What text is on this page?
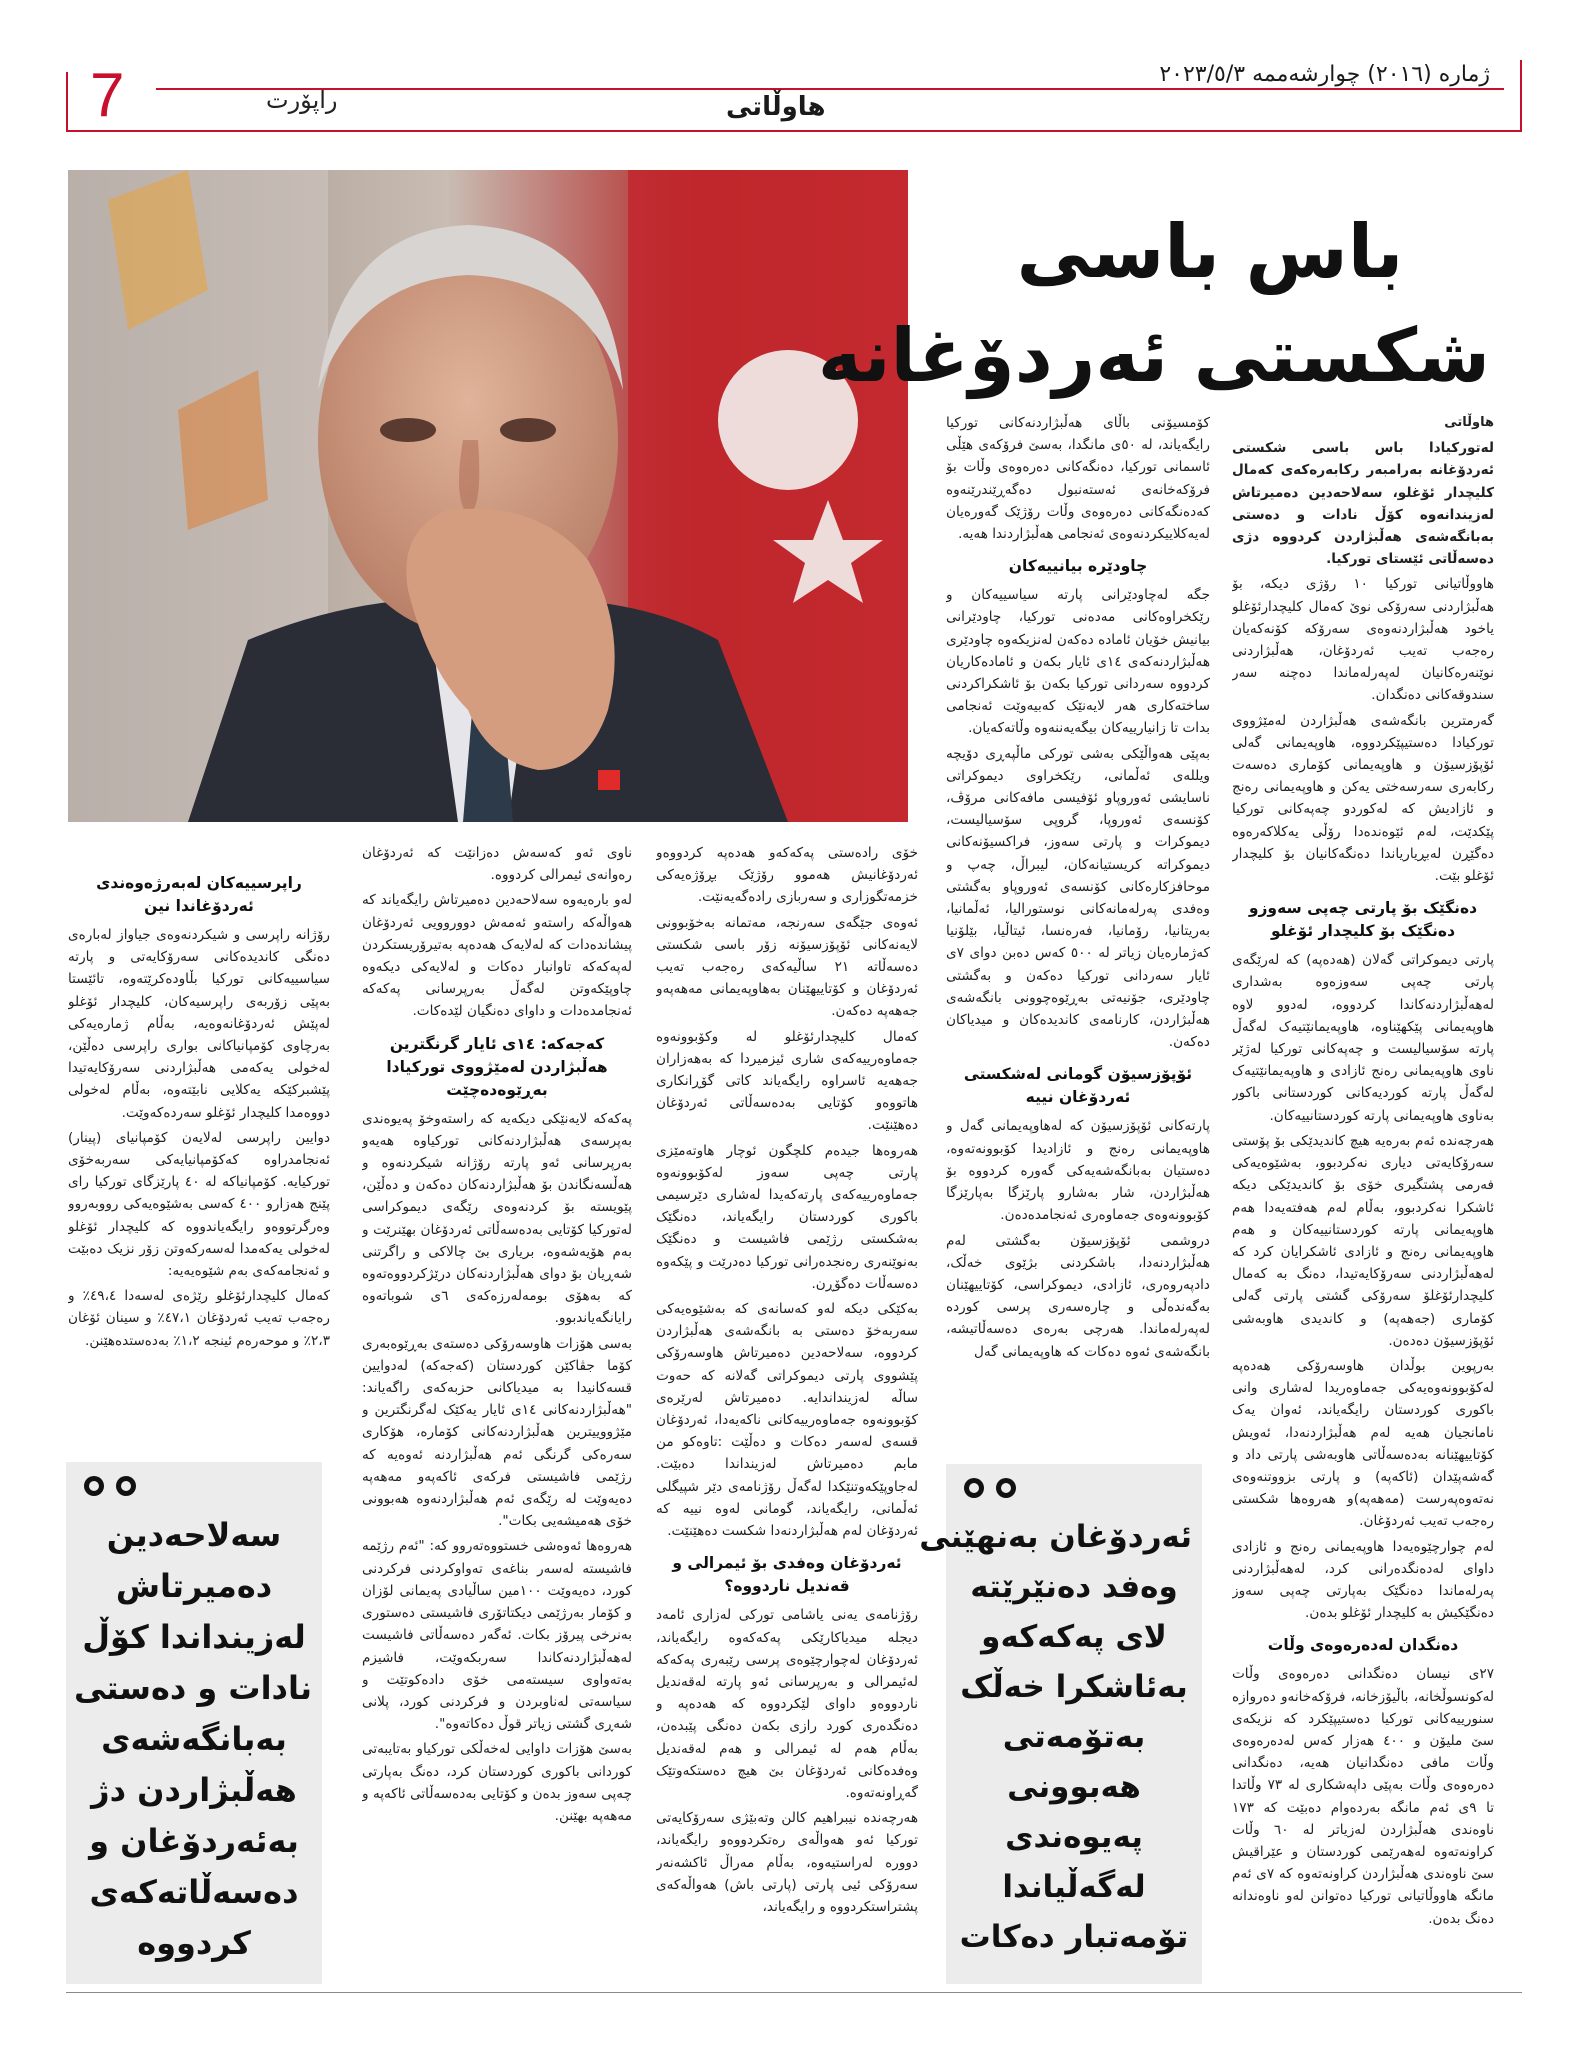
7	راپۆرت	هاوڵاتی
ژمارە (٢٠١٦) چوارشەممە ٢٠٢٣/٥/٣
باس باسی
شکستی ئەردۆغانە

هاوڵاتی

لەتورکیادا باس باسی شکستی ئەردۆغانە بەرامبەر رکابەرەکەی کەمال کلیچدار ئۆغلو، سەلاحەدین دەمیرتاش لەزیندانەوە کۆڵ نادات و دەستی بەبانگەشەی هەڵبژاردن کردووە دژی دەسەڵاتی ئێستای تورکیا.

هاووڵاتیانی تورکیا ١٠ رۆژی دیکە، بۆ هەڵبژاردنی سەرۆکی نوێ کەمال کلیچدارئۆغلو یاخود هەڵبژاردنەوەی سەرۆکە کۆنەکەیان رەجەب تەیب ئەردۆغان، هەڵبژاردنی نوێنەرەکانیان لەپەرلەماندا دەچنە سەر سندوقەکانی دەنگدان.

گەرمترین بانگەشەی هەڵبژاردن لەمێژووی تورکیادا دەستیپێکردووە، هاوپەیمانی گەلی ئۆپۆزسیۆن و هاوپەیمانی کۆماری دەسەت رکابەری سەرسەختی یەکن و هاوپەیمانی رەنج و ئازادیش کە لەکوردو چەپەکانی تورکیا پێکدێت، لەم ئێوەندەدا رۆڵی یەکلاکەرەوە دەگێڕن لەبڕیاریاندا دەنگەکانیان بۆ کلیچدار ئۆغلو بێت.

دەنگێک بۆ پارتی چەپی سەوزو دەنگێک بۆ کلیچدار ئۆغلو

پارتی دیموکراتی گەلان (هەدەپە) کە لەرێگەی پارتی چەپی سەوزەوە بەشداری لەهەڵبژاردنەکاندا کردووە، لەدوو لاوە هاوپەیمانی پێکهێناوە، هاوپەیمانێتیەک لەگەڵ پارتە سۆسیالیست و چەپەکانی تورکیا لەژێر ناوی هاوپەیمانی رەنج ئازادی و هاوپەیمانێتیەک لەگەڵ پارتە کوردیەکانی کوردستانی باکور بەناوی هاوپەیمانی پارتە کوردستانییەکان.

هەرچەندە ئەم بەرەیە هیچ کاندیدێکی بۆ پۆستی سەرۆکایەتی دیاری نەکردبوو، بەشێوەیەکی فەرمی پشتگیری خۆی بۆ کاندیدێکی دیکە ئاشکرا نەکردبوو، بەڵام لەم هەفتەیەدا هەم هاوپەیمانی پارتە کوردستانییەکان و هەم هاوپەیمانی رەنج و ئازادی ئاشکرایان کرد کە لەهەڵبژاردنی سەرۆکایەتیدا، دەنگ بە کەمال کلیچدارئۆغلۆ سەرۆکی گشتی پارتی گەلی کۆماری (جەهەپە) و کاندیدی هاوبەشی ئۆپۆزسیۆن دەدەن.

بەرپوین بوڵدان هاوسەرۆکی هەدەپە لەکۆبوونەوەیەکی جەماوەریدا لەشاری وانی باکوری کوردستان رایگەیاند، ئەوان یەک نامانجیان هەیە لەم هەڵبژاردنەدا، ئەویش کۆتاییهێنانە بەدەسەڵاتی هاوبەشی پارتی داد و گەشەپێدان (ئاکەپە) و پارتی بزووتنەوەی نەتەوەپەرست (مەهەپە)و هەروەها شکستی رەجەب تەیب ئەردۆغان.

لەم چوارچێوەیەدا هاوپەیمانی رەنج و ئازادی داوای لەدەنگدەرانی کرد، لەهەڵبژاردنی پەرلەماندا دەنگێک بەپارتی چەپی سەوز دەنگێکیش بە کلیچدار ئۆغلو بدەن.

دەنگدان لەدەرەوەی وڵات

٢٧ی نیسان دەنگدانی دەرەوەی وڵات لەکونسوڵخانە، باڵیۆزخانە، فرۆکەخانەو دەروازە سنورییەکانی تورکیا دەستیپێکرد کە نزیکەی سێ ملیۆن و ٤٠٠ هەزار کەس لەدەرەوەی وڵات مافی دەنگدانیان هەیە، دەنگدانی دەرەوەی وڵات بەپێی داپەشکاری لە ٧٣ وڵاتدا تا ٩ی ئەم مانگە بەردەوام دەبێت کە ١٧٣ ناوەندی هەڵبژاردن لەزیاتر لە ٦٠ وڵات کراونەتەوە لەهەرێمی کوردستان و عێراقیش سێ ناوەندی هەڵبژاردن کراونەتەوە کە ٧ی ئەم مانگە هاووڵاتیانی تورکیا دەتوانن لەو ناوەندانە دەنگ بدەن.

کۆمسیۆنی باڵای هەڵبژاردنەکانی تورکیا رایگەیاند، لە ٥٠ی مانگدا، بەسێ فرۆکەی هێڵی ئاسمانی تورکیا، دەنگەکانی دەرەوەی وڵات بۆ فرۆکەخانەی ئەستەنبول دەگەڕێندرێنەوە کەدەنگەکانی دەرەوەی وڵات رۆژێک گەورەیان لەیەکلاییکردنەوەی ئەنجامی هەڵبژاردندا هەیە.

چاودێرە بیانییەکان

جگە لەچاودێرانی پارتە سیاسییەکان و رێکخراوەکانی مەدەنی تورکیا، چاودێرانی بیانیش خۆیان ئامادە دەکەن لەنزیکەوە چاودێری هەڵبژاردنەکەی ١٤ی ئایار بکەن و ئامادەکاریان کردووە سەردانی تورکیا بکەن بۆ ئاشکراکردنی ساختەکاری هەر لایەنێک کەبیەوێت ئەنجامی بدات تا زانیارییەکان بیگەیەننەوە وڵاتەکەیان.

بەپێی هەواڵێکی بەشی تورکی ماڵپەڕی دۆیچە ویللەی ئەڵمانی، رێکخراوی دیموکراتی ناسایشی ئەوروپاو ئۆفیسی مافەکانی مرۆڤ، کۆنسەی ئەوروپا، گروپی سۆسیالیست، دیموکرات و پارتی سەوز، فراکسیۆنەکانی دیموکراتە کریستیانەکان، لیبراڵ، چەپ و موحافزکارەکانی کۆنسەی ئەوروپاو بەگشتی وەفدی پەرلەمانەکانی نوستورالیا، ئەڵمانیا، بەریتانیا، رۆمانیا، فەرەنسا، ئیتاڵیا، بێلۆنیا کەژمارەیان زیاتر لە ٥٠٠ کەس دەبن دوای ٧ی ئایار سەردانی تورکیا دەکەن و بەگشتی چاودێری، جۆنیەتی بەڕێوەچوونی بانگەشەی هەڵبژاردن، کارنامەی کاندیدەکان و میدیاکان دەکەن.

ئۆپۆزسیۆن گومانی لەشکستی ئەردۆغان نییە

پارتەکانی ئۆپۆزسیۆن کە لەهاوپەیمانی گەل و هاوپەیمانی رەنج و ئازادیدا کۆبوونەتەوە، دەستیان بەبانگەشەیەکی گەورە کردووە بۆ هەڵبژاردن، شار بەشارو پارێزگا بەپارێزگا کۆبوونەوەی جەماوەری ئەنجامدەدەن.

دروشمی ئۆپۆزسیۆن بەگشتی لەم هەڵبژاردنەدا، باشکردنی بژێوی خەڵک، دادپەروەری، ئازادی، دیموکراسی، کۆتاییهێنان بەگەندەڵی و چارەسەری پرسی کوردە لەپەرلەماندا. هەرچی بەرەی دەسەڵاتیشە، بانگەشەی ئەوە دەکات کە هاوپەیمانی گەل

خۆی رادەستی پەکەکەو هەدەپە کردووەو ئەردۆغانیش هەموو رۆژێک بڕۆژەیەکی خزمەتگوزاری و سەربازی رادەگەیەنێت.

ئەوەی جێگەی سەرنجە، مەتمانە بەخۆبوونی لایەنەکانی ئۆپۆزسیۆنە زۆر باسی شکستی دەسەڵاتە ٢١ ساڵیەکەی رەجەب تەیب ئەردۆغان و کۆتاییهێنان بەهاوپەیمانی مەهەپەو جەهەپە دەکەن.

کەمال کلیچدارئۆغلو لە وکۆبوونەوە جەماوەرییەکەی شاری ئیزمیردا کە بەهەزاران جەهەیە ئاسراوە رایگەیاند کاتی گۆڕانکاری هاتووەو کۆتایی بەدەسەڵاتی ئەردۆغان دەهێنێت.

هەروەها جیدەم کلچگون ئوچار هاوتەمێزی پارتی چەپی سەوز لەکۆبوونەوە جەماوەرییەکەی پارتەکەیدا لەشاری دێرسیمی باکوری کوردستان رایگەیاند، دەنگێک بەشکستی رژێمی فاشیست و دەنگێک بەنوێنەری رەنجدەرانی تورکیا دەدرێت و پێکەوە دەسەڵات دەگۆڕن.

بەکێکی دیکە لەو کەسانەی کە بەشێوەیەکی سەربەخۆ دەستی بە بانگەشەی هەڵبژاردن کردووە، سەلاحەدین دەمیرتاش هاوسەرۆکی پێشووی پارتی دیموکراتی گەلانە کە حەوت ساڵە لەزینداندایە. دەمیرتاش لەرێرەی کۆبوونەوە جەماوەرییەکانی ناکەیەدا، ئەردۆغان قسەی لەسەر دەکات و دەڵێت :تاوەکو من مابم دەمیرتاش لەزینداندا دەبێت. لەجاوپێکەوتنێکدا لەگەڵ رۆژنامەی دێر شپیگلی ئەڵمانی، رایگەیاند، گومانی لەوە نییە کە ئەردۆغان لەم هەڵبژاردنەدا شکست دەهێنێت.

ئەردۆغان وەفدی بۆ ئیمرالی و قەندیل ناردووە؟

رۆژنامەی یەنی یاشامی تورکی لەزاری ئامەد دیجلە میدیاکارێکی پەکەکەوە رایگەیاند، ئەردۆغان لەچوارچێوەی پرسی رێبەری پەکەکە لەئیمرالی و بەرپرسانی ئەو پارتە لەقەندیل ناردووەو داوای لێکردووە کە هەدەپە و دەنگدەری کورد رازی بکەن دەنگی پێبدەن، بەڵام هەم لە ئیمرالی و هەم لەقەندیل وەفدەکانی ئەردۆغان بێ هیچ دەستکەوتێک گەڕاونەتەوە.

هەرچەندە نیبراهیم کالن وتەبێژی سەرۆکایەتی تورکیا ئەو هەواڵەی رەتکردووەو رایگەیاند، دووره لەراستیەوە، بەڵام مەراڵ ئاکشەنەر سەرۆکی ئیی پارتی (پارتی باش) هەواڵەکەی پشتراستکردووە و رایگەیاند،

ناوی ئەو کەسەش دەزانێت کە ئەردۆغان رەوانەی ئیمرالی کردووە.

لەو بارەیەوە سەلاحەدین دەمیرتاش رایگەیاند کە هەواڵەکە راستەو ئەمەش دووروویی ئەردۆغان پیشاندەدات کە لەلایەک هەدەپە بەتیرۆریستکردن لەپەکەکە تاوانبار دەکات و لەلایەکی دیکەوە چاوپێکەوتن لەگەڵ بەرپرسانی پەکەکە ئەنجامدەدات و داوای دەنگیان لێدەکات.

کەجەکە: ١٤ی ئایار گرنگترین هەڵبژاردن لەمێژووی تورکیادا بەڕێوەدەچێت

پەکەکە لایەنێکی دیکەیە کە راستەوخۆ پەیوەندی بەپرسەی هەڵبژاردنەکانی تورکیاوە هەیەو بەرپرسانی ئەو پارتە رۆژانە شیکردنەوە و هەڵسەنگاندن بۆ هەڵبژاردنەکان دەکەن و دەڵێن، پێویستە بۆ کردنەوەی رێگەی دیموکراسی لەتورکیا کۆتایی بەدەسەڵاتی ئەردۆغان بهێنرێت و بەم هۆیەشەوە، بریاری بێ چالاکی و راگرتنی شەڕیان بۆ دوای هەڵبژاردنەکان درێژکردووەتەوە کە بەهۆی بومەلەرزەکەی ٦ی شوباتەوە رایانگەیاندبوو.

بەسی هۆزات هاوسەرۆکی دەستەی بەڕێوەبەری کۆما جڤاکێن کوردستان (کەجەکە) لەدوایین قسەکانیدا بە میدیاکانی حزبەکەی راگەیاند: "هەڵبژاردنەکانی ١٤ی ئایار یەکێک لەگرنگترین و مێژووییترین هەڵبژاردنەکانی کۆمارە، هۆکاری سەرەکی گرنگی ئەم هەڵبژاردنە ئەوەیە کە رژێمی فاشیستی فرکەی ئاکەپەو مەهەپە دەیەوێت لە رێگەی ئەم هەڵبژاردنەوە هەبوونی خۆی هەمیشەیی بکات".

هەروەها ئەوەشی خستووەتەروو کە: "ئەم رژێمە فاشیستە لەسەر بناغەی تەواوکردنی فرکردنی کورد، دەیەوێت ١٠٠مین ساڵیادی پەیمانی لۆزان و کۆمار بەرژێمی دیکتاتۆری فاشیستی دەستوری بەنرخی پیرۆز بکات. ئەگەر دەسەڵاتی فاشیست لەهەڵبژاردنەکاندا سەربکەوێت، فاشیزم بەتەواوی سیستەمی خۆی دادەکوتێت و سیاسەتی لەناوبردن و فرکردنی کورد، پلانی شەڕی گشتی زیاتر قوڵ دەکاتەوە".

بەسێ هۆزات داوایی لەخەڵکی تورکیاو بەتایبەتی کوردانی باکوری کوردستان کرد، دەنگ بەپارتی چەپی سەوز بدەن و کۆتایی بەدەسەڵاتی ئاکەپە و مەهەپە بهێنن.

راپرسییەکان لەبەرژەوەندی ئەردۆغاندا نین

رۆژانە راپرسی و شیکردنەوەی جیاواز لەبارەی دەنگی کاندیدەکانی سەرۆکایەتی و پارتە سیاسییەکانی تورکیا بڵاودەکرێتەوە، تائێستا بەپێی زۆربەی راپرسیەکان، کلیچدار ئۆغلو لەپێش ئەردۆغانەوەیە، بەڵام ژمارەیەکی بەرچاوی کۆمپانیاکانی بواری راپرسی دەڵێن، لەخولی یەکەمی هەڵبژاردنی سەرۆکایەتیدا پێشبرکێکە یەکلایی نابێتەوە، بەڵام لەخولی دووەمدا کلیچدار ئۆغلو سەردەکەوێت.

دوایین راپرسی لەلایەن کۆمپانیای (پینار) ئەنجامدراوە کەکۆمپانیایەکی سەربەخۆی تورکیایە. کۆمپانیاکە لە ٤٠ پارێزگای تورکیا رای پێنج هەزارو ٤٠٠ کەسی بەشێوەیەکی رووبەروو وەرگرتووەو رایگەیاندووە کە کلیچدار ئۆغلو لەخولی یەکەمدا لەسەرکەوتن زۆر نزیک دەبێت و ئەنجامەکەی بەم شێوەیەیە:

کەمال کلیچدارئۆغلو رێژەی لەسەدا ٤٩،٤٪ و رەجەب تەیب ئەردۆغان ٤٧،١٪ و سینان ئۆغان ٢،٣٪ و موحەرەم ئینجە ١،٢٪ بەدەستدەهێنن.

سەلاحەدین
دەمیرتاش
لەزینداندا کۆڵ
نادات و دەستی
بەبانگەشەی
هەڵبژاردن دژ
بەئەردۆغان و
دەسەڵاتەکەی
کردووە
ئەردۆغان بەنهێنی
وەفد دەنێرێتە
لای پەکەکەو
بەئاشکرا خەڵک
بەتۆمەتی
هەبوونی
پەیوەندی
لەگەڵیاندا
تۆمەتبار دەکات
